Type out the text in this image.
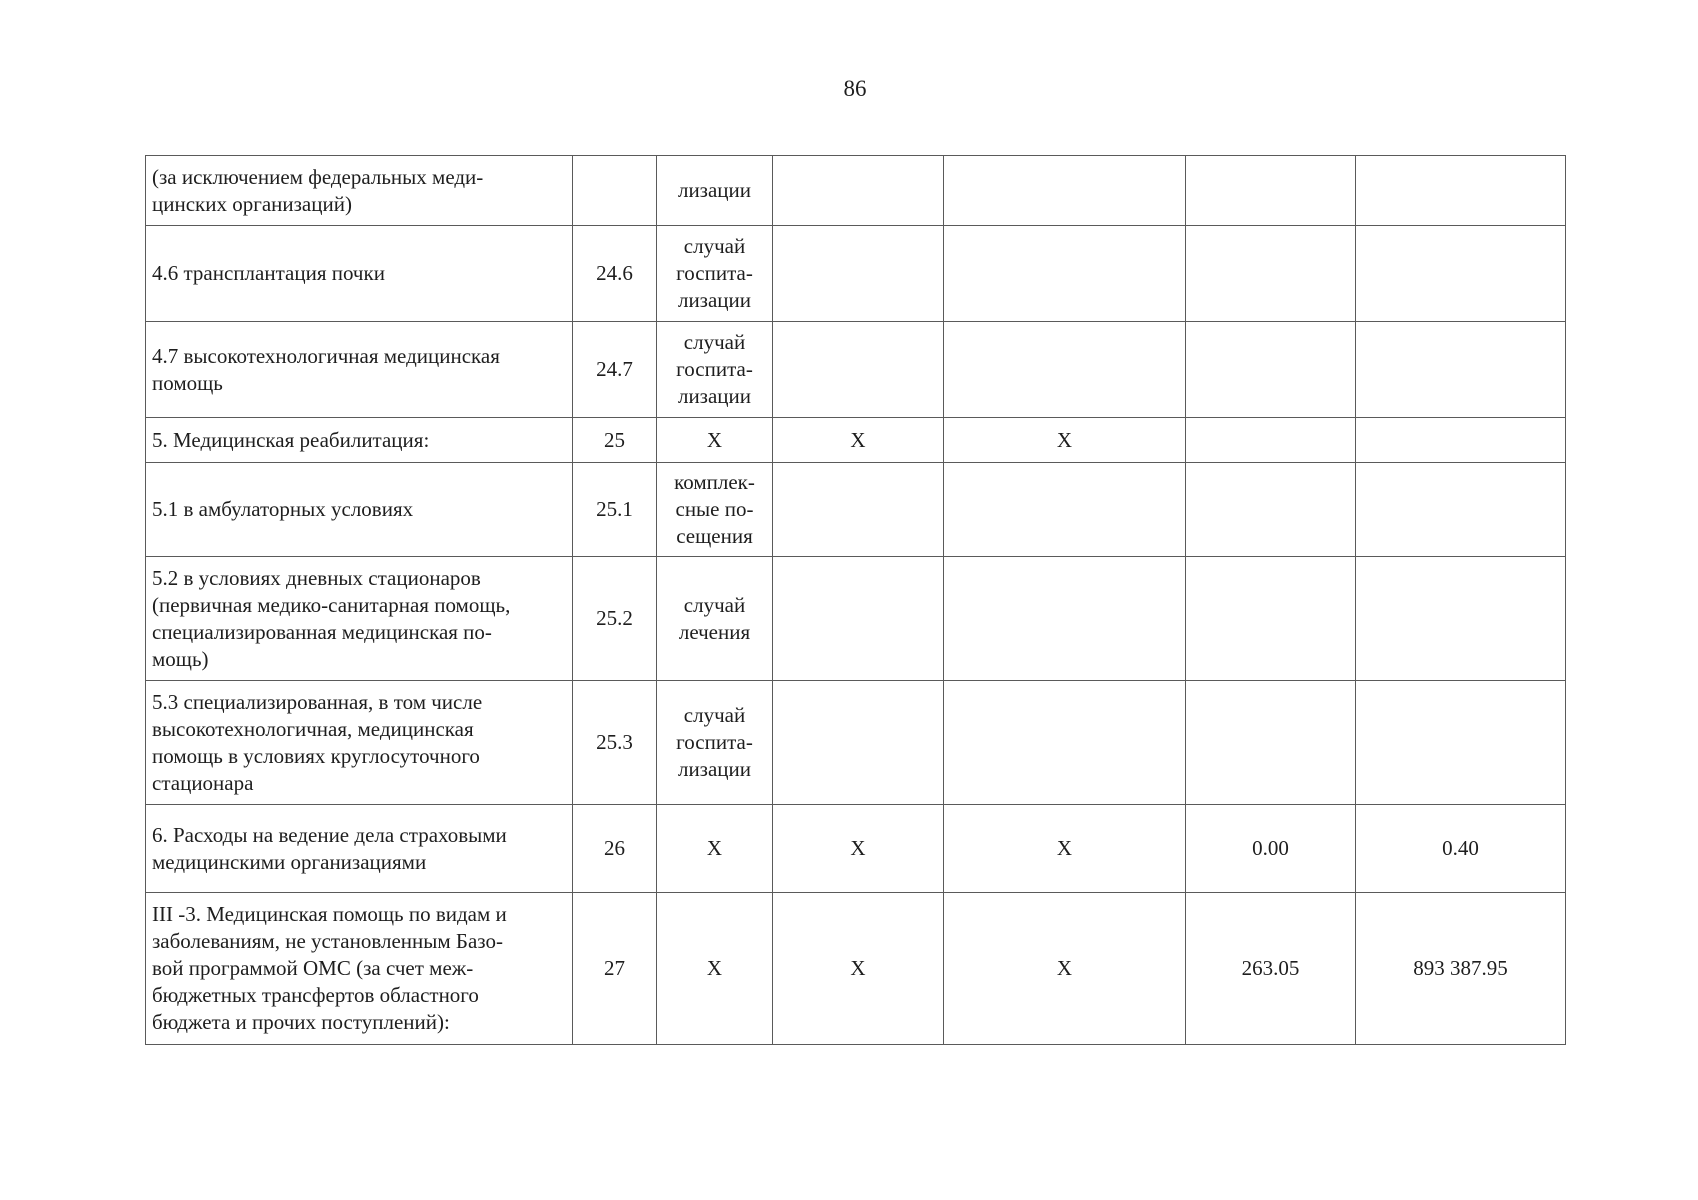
86
(за исключением федеральных меди-
цинских организаций)		лизации				
4.6 трансплантация почки	24.6	случай
госпита-
лизации				
4.7 высокотехнологичная медицинская
помощь	24.7	случай
госпита-
лизации				
5. Медицинская реабилитация:	25	Х	Х	Х		
5.1 в амбулаторных условиях	25.1	комплек-
сные по-
сещения				
5.2 в условиях дневных стационаров
(первичная медико-санитарная помощь,
специализированная медицинская по-
мощь)	25.2	случай
лечения				
5.3 специализированная, в том числе
высокотехнологичная, медицинская
помощь в условиях круглосуточного
стационара	25.3	случай
госпита-
лизации				
6. Расходы на ведение дела страховыми
медицинскими организациями	26	Х	Х	Х	0.00	0.40
III -3. Медицинская помощь по видам и
заболеваниям, не установленным Базо-
вой программой ОМС (за счет меж-
бюджетных трансфертов областного
бюджета и прочих поступлений):	27	Х	Х	Х	263.05	893 387.95
